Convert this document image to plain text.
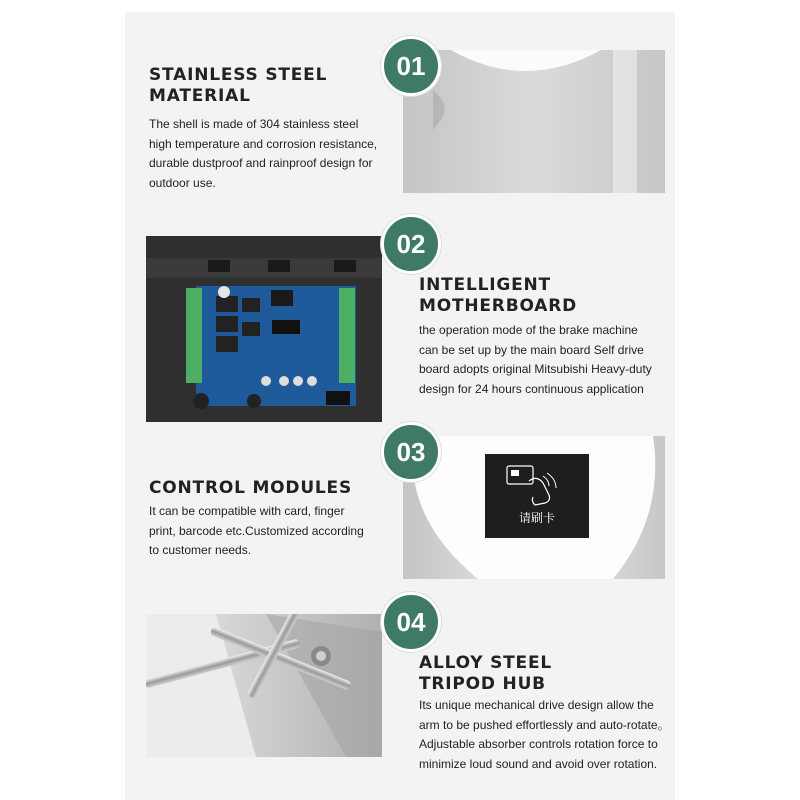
STAINLESS STEEL
MATERIAL
The shell is made of 304 stainless steel
high temperature and corrosion resistance,
durable dustproof and rainproof design for
outdoor use.
01
02
INTELLIGENT
MOTHERBOARD
the operation mode of the brake machine
can be set up by the main board Self drive
board adopts original Mitsubishi Heavy-duty
design for 24 hours continuous application
CONTROL MODULES
It can be compatible with card, finger
print, barcode etc.Customized according
to customer needs.
请刷卡
03
04
ALLOY STEEL
TRIPOD HUB
Its unique mechanical drive design allow the
arm to be pushed effortlessly and auto-rotate。
Adjustable absorber controls rotation force to
minimize loud sound and avoid over rotation.
